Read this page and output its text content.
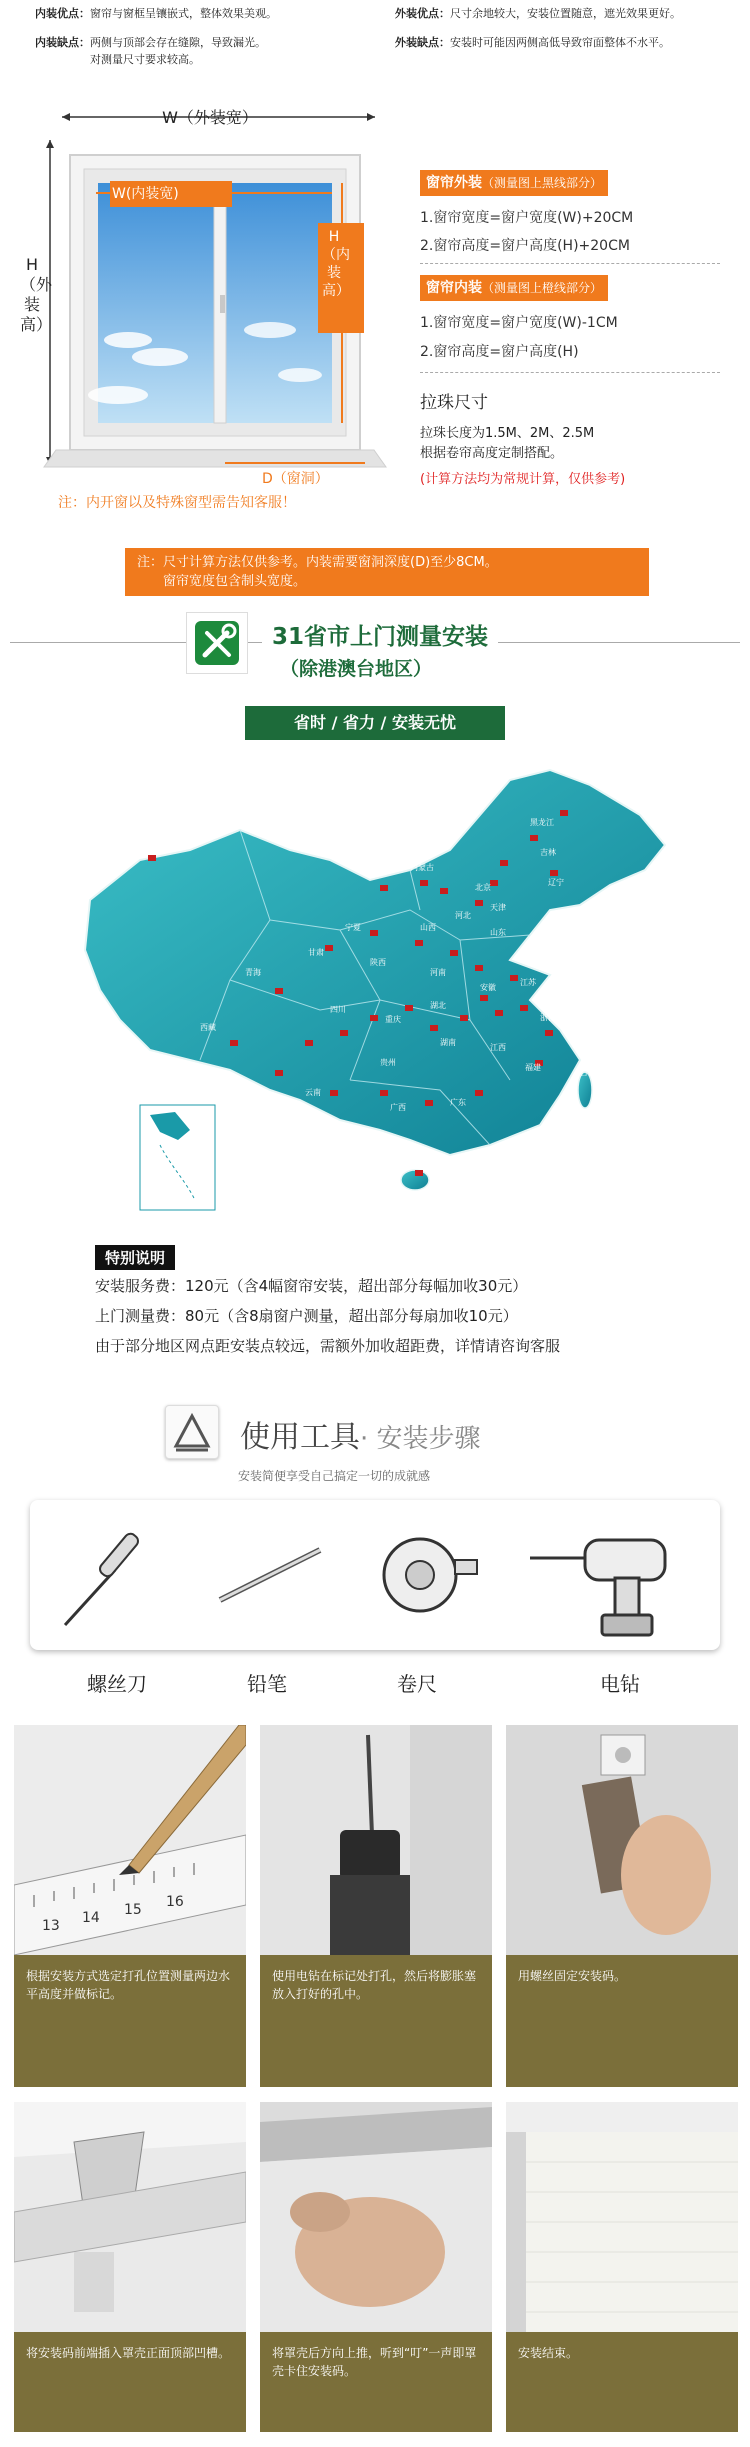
内装优点：窗帘与窗框呈镶嵌式，整体效果美观。
内装缺点：两侧与顶部会存在缝隙，导致漏光。
对测量尺寸要求较高。
外装优点：尺寸余地较大，安装位置随意，遮光效果更好。
外装缺点：安装时可能因两侧高低导致帘面整体不水平。
W（外装宽）
W(内装宽)
H（外装高）
H（内装高）
D（窗洞）
注：内开窗以及特殊窗型需告知客服！
窗帘外装（测量图上黑线部分）
1.窗帘宽度=窗户宽度(W)+20CM
2.窗帘高度=窗户高度(H)+20CM
窗帘内装（测量图上橙线部分）
1.窗帘宽度=窗户宽度(W)-1CM
2.窗帘高度=窗户高度(H)
拉珠尺寸
拉珠长度为1.5M、2M、2.5M
根据卷帘高度定制搭配。
(计算方法均为常规计算，仅供参考)
注：尺寸计算方法仅供参考。内装需要窗洞深度(D)至少8CM。
窗帘宽度包含制头宽度。
31省市上门测量安装
（除港澳台地区）
省时 / 省力 / 安装无忧
黑龙江
吉林
辽宁
内蒙古
北京
天津
河北
山西
山东
宁夏
甘肃
陕西
河南
江苏
安徽
上海
湖北
四川
重庆	浙江
湖南
江西
福建
西藏
贵州
云南
广西
广东
台湾
海南
青海
新疆
特别说明
安装服务费：120元（含4幅窗帘安装，超出部分每幅加收30元）
上门测量费：80元（含8扇窗户测量，超出部分每扇加收10元）
由于部分地区网点距安装点较远，需额外加收超距费，详情请咨询客服
使用工具· 安装步骤
安装简便享受自己搞定一切的成就感
螺丝刀	铅笔	卷尺	电钻
13 14 15 16
根据安装方式选定打孔位置测量两边水平高度并做标记。
使用电钻在标记处打孔，然后将膨胀塞放入打好的孔中。
用螺丝固定安装码。
将安装码前端插入罩壳正面顶部凹槽。	将罩壳后方向上推，听到“叮”一声即罩壳卡住安装码。
安装结束。
